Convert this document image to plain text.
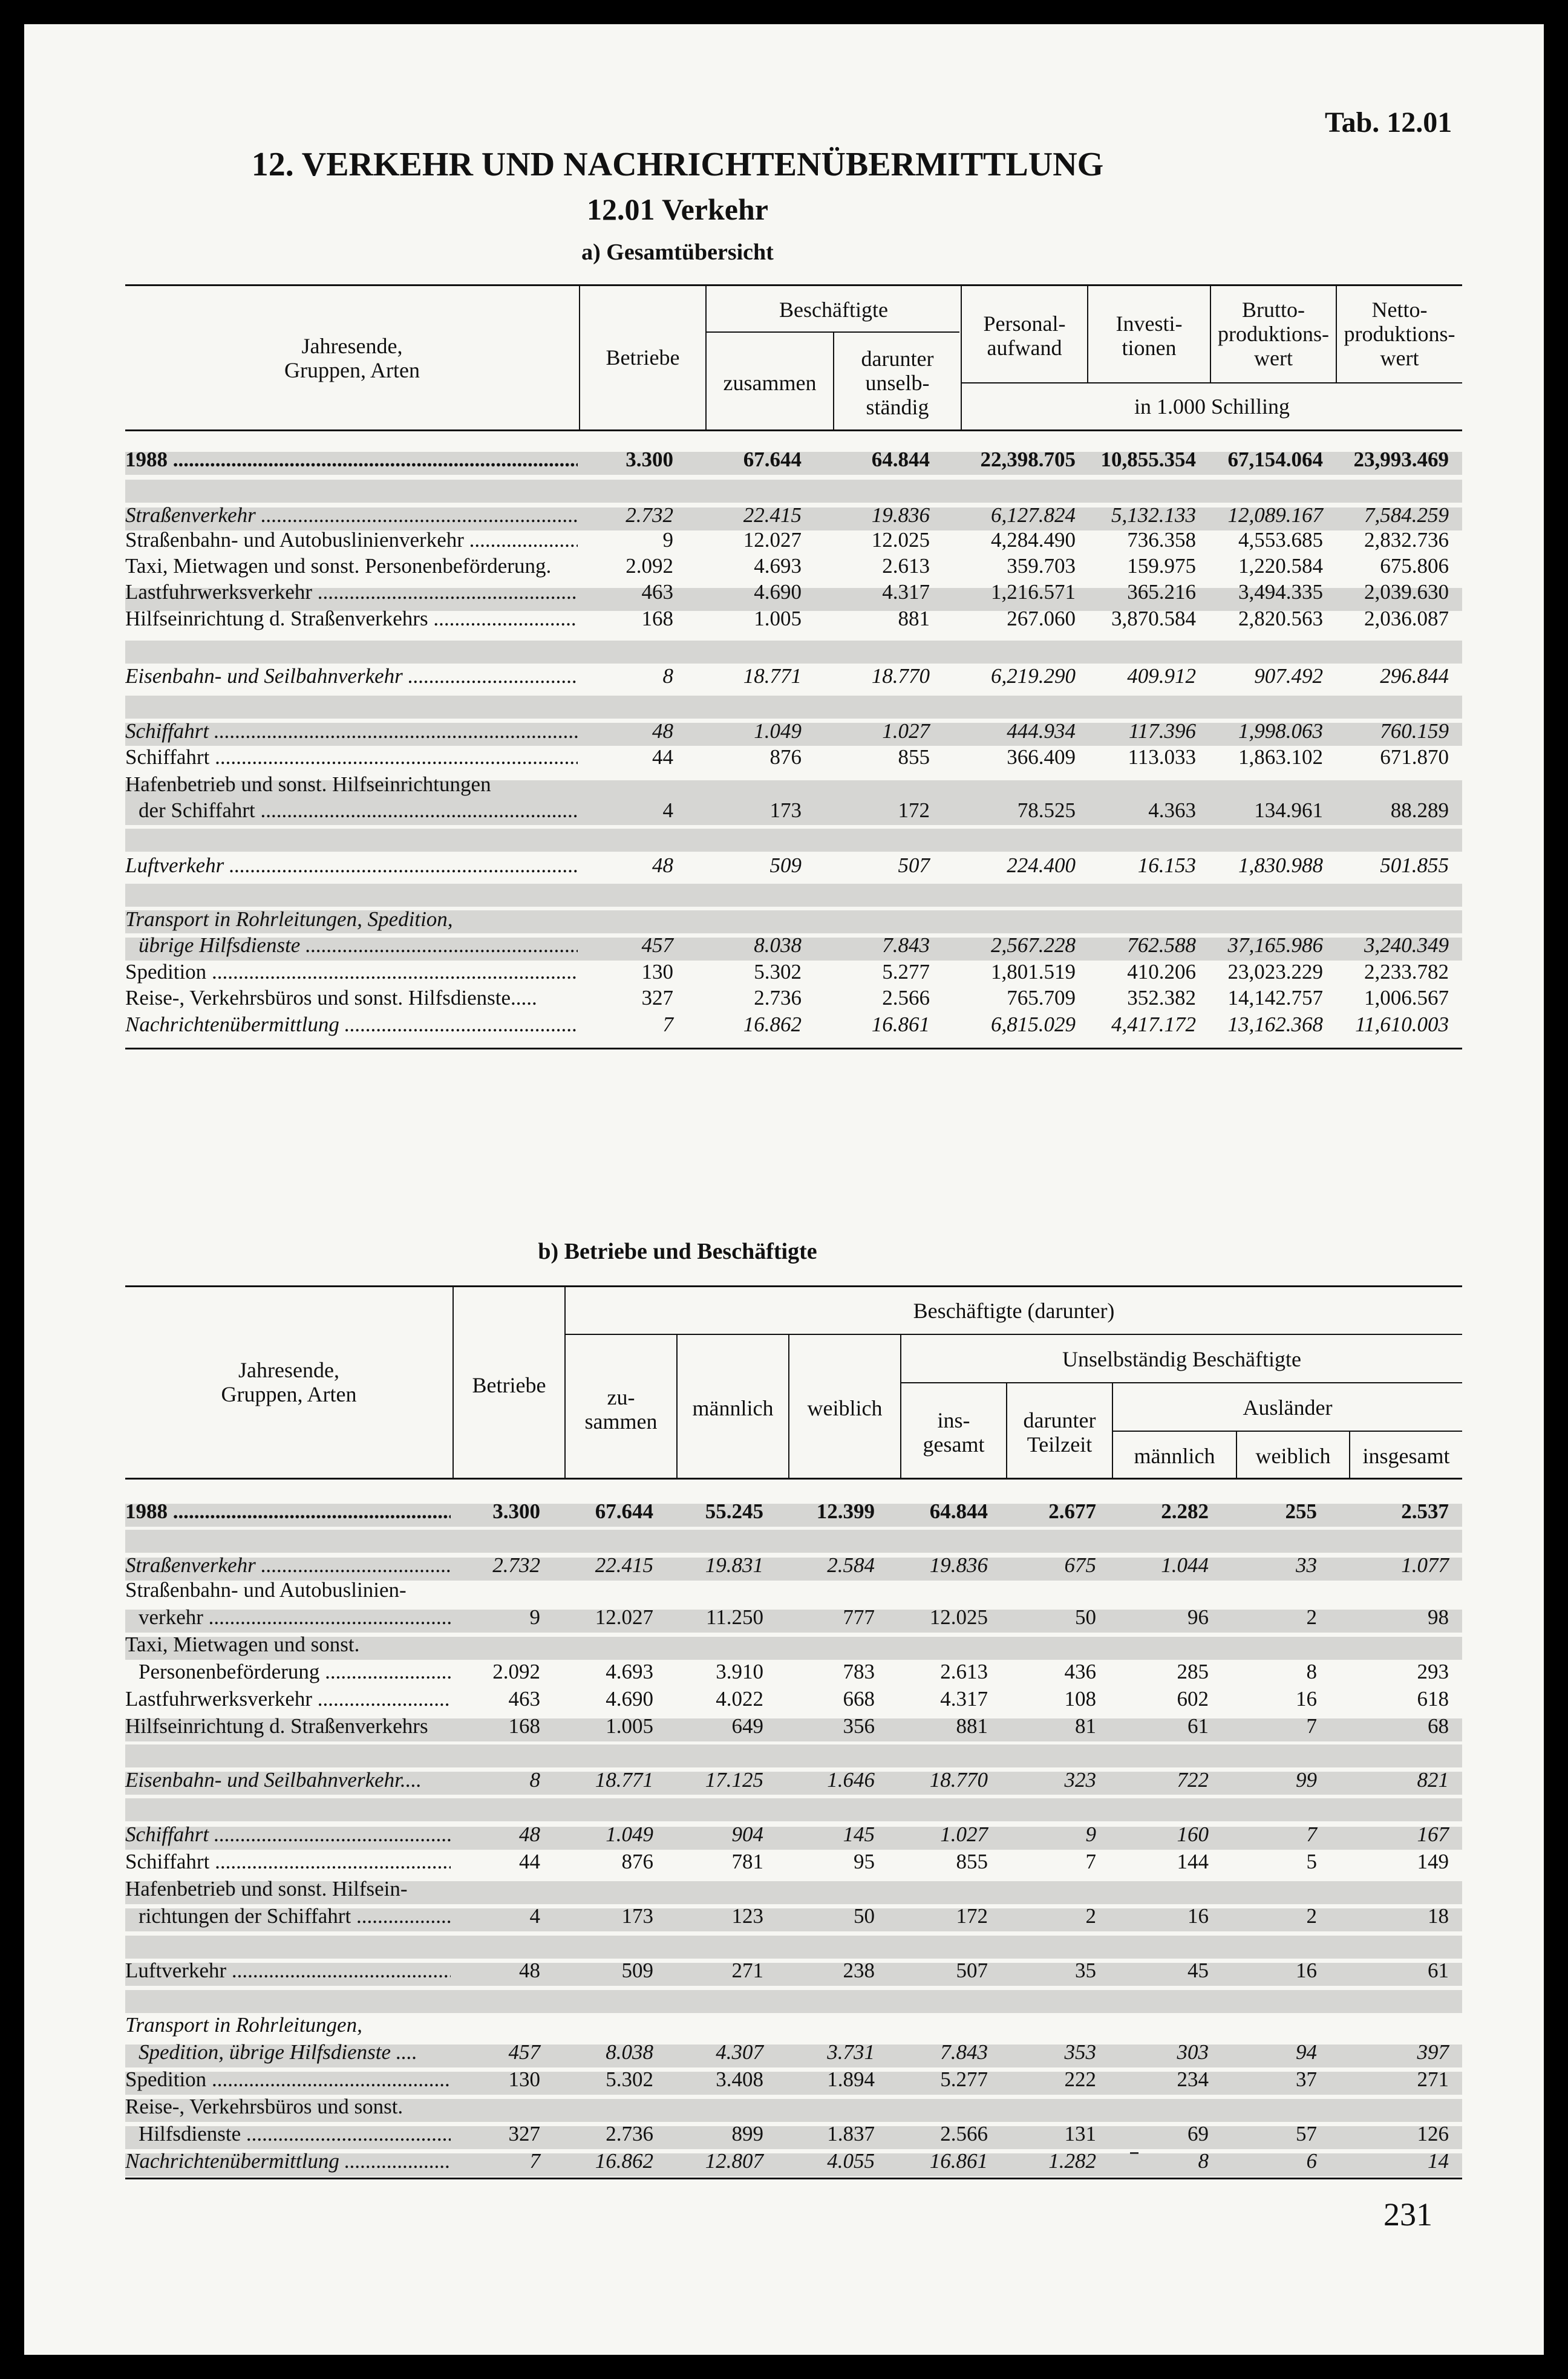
Tab. 12.01
12. VERKEHR UND NACHRICHTENÜBERMITTLUNG
12.01 Verkehr
a) Gesamtübersicht
Jahresende,
Gruppen, Arten
Betriebe
Beschäftigte
zusammen
darunter
unselb-
ständig
Personal-
aufwand
Investi-
tionen
Brutto-
produktions-
wert
Netto-
produktions-
wert
in 1.000 Schilling
1988 .....	3.300	67.644	64.844	22,398.705	10,855.354	67,154.064	23,993.469
Straßenverkehr .....	2.732	22.415	19.836	6,127.824	5,132.133	12,089.167	7,584.259
Straßenbahn- und Autobuslinienverkehr .....	9	12.027	12.025	4,284.490	736.358	4,553.685	2,832.736
Taxi, Mietwagen und sonst. Personenbeförderung.	2.092	4.693	2.613	359.703	159.975	1,220.584	675.806
Lastfuhrwerksverkehr .....	463	4.690	4.317	1,216.571	365.216	3,494.335	2,039.630
Hilfseinrichtung d. Straßenverkehrs .....	168	1.005	881	267.060	3,870.584	2,820.563	2,036.087
Eisenbahn- und Seilbahnverkehr .....	8	18.771	18.770	6,219.290	409.912	907.492	296.844
Schiffahrt .....	48	1.049	1.027	444.934	117.396	1,998.063	760.159
Schiffahrt .....	44	876	855	366.409	113.033	1,863.102	671.870
Hafenbetrieb und sonst. Hilfseinrichtungen
der Schiffahrt .....	4	173	172	78.525	4.363	134.961	88.289
Luftverkehr .....	48	509	507	224.400	16.153	1,830.988	501.855
Transport in Rohrleitungen, Spedition,
übrige Hilfsdienste .....	457	8.038	7.843	2,567.228	762.588	37,165.986	3,240.349
Spedition .....	130	5.302	5.277	1,801.519	410.206	23,023.229	2,233.782
Reise-, Verkehrsbüros und sonst. Hilfsdienste.....	327	2.736	2.566	765.709	352.382	14,142.757	1,006.567
Nachrichtenübermittlung .....	7	16.862	16.861	6,815.029	4,417.172	13,162.368	11,610.003
b) Betriebe und Beschäftigte
Jahresende,
Gruppen, Arten	Betriebe
Beschäftigte (darunter)
zu-
sammen
männlich	weiblich
Unselbständig Beschäftigte
ins-
gesamt
darunter
Teilzeit
Ausländer
männlich	weiblich	insgesamt
1988 .....	3.300	67.644	55.245	12.399	64.844	2.677	2.282	255	2.537
Straßenverkehr .....	2.732	22.415	19.831	2.584	19.836	675	1.044	33	1.077
Straßenbahn- und Autobuslinien-
verkehr .....	9	12.027	11.250	777	12.025	50	96	2	98
Taxi, Mietwagen und sonst.
Personenbeförderung .....	2.092	4.693	3.910	783	2.613	436	285	8	293
Lastfuhrwerksverkehr .....	463	4.690	4.022	668	4.317	108	602	16	618
Hilfseinrichtung d. Straßenverkehrs	168	1.005	649	356	881	81	61	7	68
Eisenbahn- und Seilbahnverkehr....	8	18.771	17.125	1.646	18.770	323	722	99	821
Schiffahrt .....	48	1.049	904	145	1.027	9	160	7	167
Schiffahrt .....	44	876	781	95	855	7	144	5	149
Hafenbetrieb und sonst. Hilfsein-
richtungen der Schiffahrt .....	4	173	123	50	172	2	16	2	18
Luftverkehr .....	48	509	271	238	507	35	45	16	61
Transport in Rohrleitungen,
Spedition, übrige Hilfsdienste ....	457	8.038	4.307	3.731	7.843	353	303	94	397
Spedition .....	130	5.302	3.408	1.894	5.277	222	234	37	271
Reise-, Verkehrsbüros und sonst.
Hilfsdienste .....	327	2.736	899	1.837	2.566	131	69	57	126
Nachrichtenübermittlung .....	7	16.862	12.807	4.055	16.861	1.282	8	6	14
231
